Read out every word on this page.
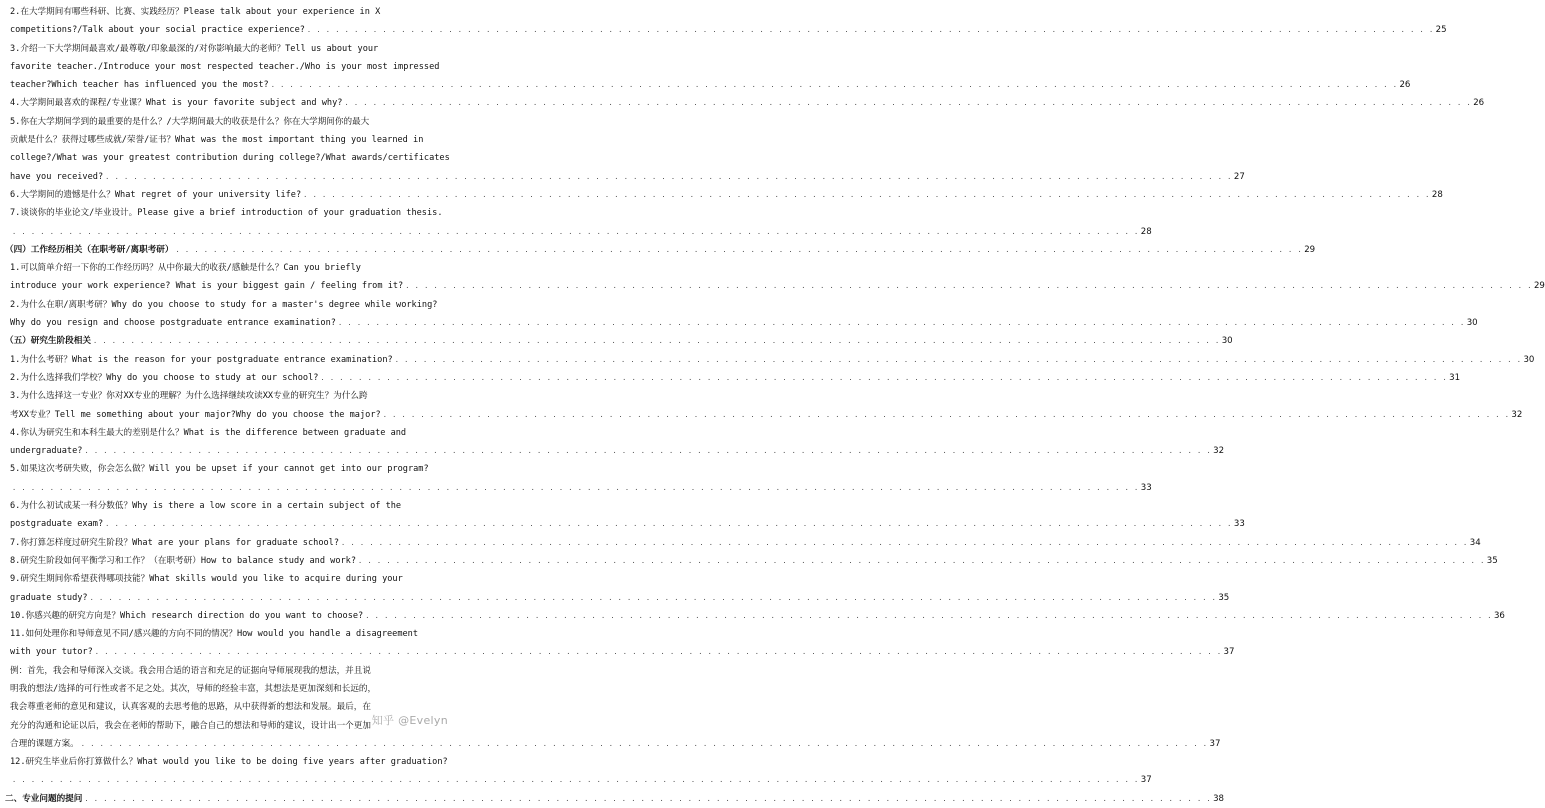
2.在大学期间有哪些科研、比赛、实践经历？Please talk about your experience in X
competitions?/Talk about your social practice experience? . . . . . . . . . . . . . . . . . . . . . . . . . . . . . . . . . . . . . . . . . . . . . . . . . . . . . . . . . . . . . . . . . . . . . . . . . . . . . . . . . . . . . . . . . . . . . . . . . . . . . . . . . . . . . . . . . . . . . . . . 25
3.介绍一下大学期间最喜欢/最尊敬/印象最深的/对你影响最大的老师？Tell us about your
favorite teacher./Introduce your most respected teacher./Who is your most impressed
teacher?Which teacher has influenced you the most? . . . . . . . . . . . . . . . . . . . . . . . . . . . . . . . . . . . . . . . . . . . . . . . . . . . . . . . . . . . . . . . . . . . . . . . . . . . . . . . . . . . . . . . . . . . . . . . . . . . . . . . . . . . . . . . . . . . . . . . . 26
4.大学期间最喜欢的课程/专业课？What is your favorite subject and why? . . . . . . . . . . . . . . . . . . . . . . . . . . . . . . . . . . . . . . . . . . . . . . . . . . . . . . . . . . . . . . . . . . . . . . . . . . . . . . . . . . . . . . . . . . . . . . . . . . . . . . . . . . . . . . . . . . . . . . . . 26
5.你在大学期间学到的最重要的是什么？/大学期间最大的收获是什么？你在大学期间你的最大
贡献是什么？获得过哪些成就/荣誉/证书？What was the most important thing you learned in
college?/What was your greatest contribution during college?/What awards/certificates
have you received? . . . . . . . . . . . . . . . . . . . . . . . . . . . . . . . . . . . . . . . . . . . . . . . . . . . . . . . . . . . . . . . . . . . . . . . . . . . . . . . . . . . . . . . . . . . . . . . . . . . . . . . . . . . . . . . . . . . . . . . . 27
6.大学期间的遗憾是什么？What regret of your university life? . . . . . . . . . . . . . . . . . . . . . . . . . . . . . . . . . . . . . . . . . . . . . . . . . . . . . . . . . . . . . . . . . . . . . . . . . . . . . . . . . . . . . . . . . . . . . . . . . . . . . . . . . . . . . . . . . . . . . . . . 28
7.谈谈你的毕业论文/毕业设计。Please give a brief introduction of your graduation thesis.
. . . . . . . . . . . . . . . . . . . . . . . . . . . . . . . . . . . . . . . . . . . . . . . . . . . . . . . . . . . . . . . . . . . . . . . . . . . . . . . . . . . . . . . . . . . . . . . . . . . . . . . . . . . . . . . . . . . . . . . . 28
（四）工作经历相关（在职考研/离职考研） . . . . . . . . . . . . . . . . . . . . . . . . . . . . . . . . . . . . . . . . . . . . . . . . . . . . . . . . . . . . . . . . . . . . . . . . . . . . . . . . . . . . . . . . . . . . . . . . . . . . . . . . . . . . . . . . . . . . . . . . 29
1.可以简单介绍一下你的工作经历吗？从中你最大的收获/感触是什么？Can you briefly
introduce your work experience? What is your biggest gain / feeling from it? . . . . . . . . . . . . . . . . . . . . . . . . . . . . . . . . . . . . . . . . . . . . . . . . . . . . . . . . . . . . . . . . . . . . . . . . . . . . . . . . . . . . . . . . . . . . . . . . . . . . . . . . . . . . . . . . . . . . . . . . 29
2.为什么在职/离职考研？Why do you choose to study for a master's degree while working?
Why do you resign and choose postgraduate entrance examination? . . . . . . . . . . . . . . . . . . . . . . . . . . . . . . . . . . . . . . . . . . . . . . . . . . . . . . . . . . . . . . . . . . . . . . . . . . . . . . . . . . . . . . . . . . . . . . . . . . . . . . . . . . . . . . . . . . . . . . . . 30
（五）研究生阶段相关 . . . . . . . . . . . . . . . . . . . . . . . . . . . . . . . . . . . . . . . . . . . . . . . . . . . . . . . . . . . . . . . . . . . . . . . . . . . . . . . . . . . . . . . . . . . . . . . . . . . . . . . . . . . . . . . . . . . . . . . . 30
1.为什么考研？What is the reason for your postgraduate entrance examination? . . . . . . . . . . . . . . . . . . . . . . . . . . . . . . . . . . . . . . . . . . . . . . . . . . . . . . . . . . . . . . . . . . . . . . . . . . . . . . . . . . . . . . . . . . . . . . . . . . . . . . . . . . . . . . . . . . . . . . . . 30
2.为什么选择我们学校？Why do you choose to study at our school? . . . . . . . . . . . . . . . . . . . . . . . . . . . . . . . . . . . . . . . . . . . . . . . . . . . . . . . . . . . . . . . . . . . . . . . . . . . . . . . . . . . . . . . . . . . . . . . . . . . . . . . . . . . . . . . . . . . . . . . . 31
3.为什么选择这一专业？你对XX专业的理解？为什么选择继续攻读XX专业的研究生？为什么跨
考XX专业？Tell me something about your major?Why do you choose the major? . . . . . . . . . . . . . . . . . . . . . . . . . . . . . . . . . . . . . . . . . . . . . . . . . . . . . . . . . . . . . . . . . . . . . . . . . . . . . . . . . . . . . . . . . . . . . . . . . . . . . . . . . . . . . . . . . . . . . . . . 32
4.你认为研究生和本科生最大的差别是什么？What is the difference between graduate and
undergraduate? . . . . . . . . . . . . . . . . . . . . . . . . . . . . . . . . . . . . . . . . . . . . . . . . . . . . . . . . . . . . . . . . . . . . . . . . . . . . . . . . . . . . . . . . . . . . . . . . . . . . . . . . . . . . . . . . . . . . . . . . 32
5.如果这次考研失败，你会怎么做？Will you be upset if your cannot get into our program?
. . . . . . . . . . . . . . . . . . . . . . . . . . . . . . . . . . . . . . . . . . . . . . . . . . . . . . . . . . . . . . . . . . . . . . . . . . . . . . . . . . . . . . . . . . . . . . . . . . . . . . . . . . . . . . . . . . . . . . . . 33
6.为什么初试成某一科分数低？Why is there a low score in a certain subject of the
postgraduate exam? . . . . . . . . . . . . . . . . . . . . . . . . . . . . . . . . . . . . . . . . . . . . . . . . . . . . . . . . . . . . . . . . . . . . . . . . . . . . . . . . . . . . . . . . . . . . . . . . . . . . . . . . . . . . . . . . . . . . . . . . 33
7.你打算怎样度过研究生阶段？What are your plans for graduate school? . . . . . . . . . . . . . . . . . . . . . . . . . . . . . . . . . . . . . . . . . . . . . . . . . . . . . . . . . . . . . . . . . . . . . . . . . . . . . . . . . . . . . . . . . . . . . . . . . . . . . . . . . . . . . . . . . . . . . . . . 34
8.研究生阶段如何平衡学习和工作？（在职考研）How to balance study and work? . . . . . . . . . . . . . . . . . . . . . . . . . . . . . . . . . . . . . . . . . . . . . . . . . . . . . . . . . . . . . . . . . . . . . . . . . . . . . . . . . . . . . . . . . . . . . . . . . . . . . . . . . . . . . . . . . . . . . . . . 35
9.研究生期间你希望获得哪项技能？What skills would you like to acquire during your
graduate study? . . . . . . . . . . . . . . . . . . . . . . . . . . . . . . . . . . . . . . . . . . . . . . . . . . . . . . . . . . . . . . . . . . . . . . . . . . . . . . . . . . . . . . . . . . . . . . . . . . . . . . . . . . . . . . . . . . . . . . . . 35
10.你感兴趣的研究方向是？Which research direction do you want to choose? . . . . . . . . . . . . . . . . . . . . . . . . . . . . . . . . . . . . . . . . . . . . . . . . . . . . . . . . . . . . . . . . . . . . . . . . . . . . . . . . . . . . . . . . . . . . . . . . . . . . . . . . . . . . . . . . . . . . . . . . 36
11.如何处理你和导师意见不同/感兴趣的方向不同的情况？How would you handle a disagreement
with your tutor? . . . . . . . . . . . . . . . . . . . . . . . . . . . . . . . . . . . . . . . . . . . . . . . . . . . . . . . . . . . . . . . . . . . . . . . . . . . . . . . . . . . . . . . . . . . . . . . . . . . . . . . . . . . . . . . . . . . . . . . . 37
例：首先，我会和导师深入交谈。我会用合适的语言和充足的证据向导师展现我的想法，并且说
明我的想法/选择的可行性或者不足之处。其次，导师的经验丰富，其想法是更加深刻和长远的，
我会尊重老师的意见和建议，认真客观的去思考他的思路，从中获得新的想法和发展。最后，在
充分的沟通和论证以后，我会在老师的帮助下，融合自己的想法和导师的建议，设计出一个更加
合理的课题方案。 . . . . . . . . . . . . . . . . . . . . . . . . . . . . . . . . . . . . . . . . . . . . . . . . . . . . . . . . . . . . . . . . . . . . . . . . . . . . . . . . . . . . . . . . . . . . . . . . . . . . . . . . . . . . . . . . . . . . . . . . 37
12.研究生毕业后你打算做什么？What would you like to be doing five years after graduation?
. . . . . . . . . . . . . . . . . . . . . . . . . . . . . . . . . . . . . . . . . . . . . . . . . . . . . . . . . . . . . . . . . . . . . . . . . . . . . . . . . . . . . . . . . . . . . . . . . . . . . . . . . . . . . . . . . . . . . . . . 37
二、专业问题的提问 . . . . . . . . . . . . . . . . . . . . . . . . . . . . . . . . . . . . . . . . . . . . . . . . . . . . . . . . . . . . . . . . . . . . . . . . . . . . . . . . . . . . . . . . . . . . . . . . . . . . . . . . . . . . . . . . . . . . . . . . 38
知乎 @Evelyn
